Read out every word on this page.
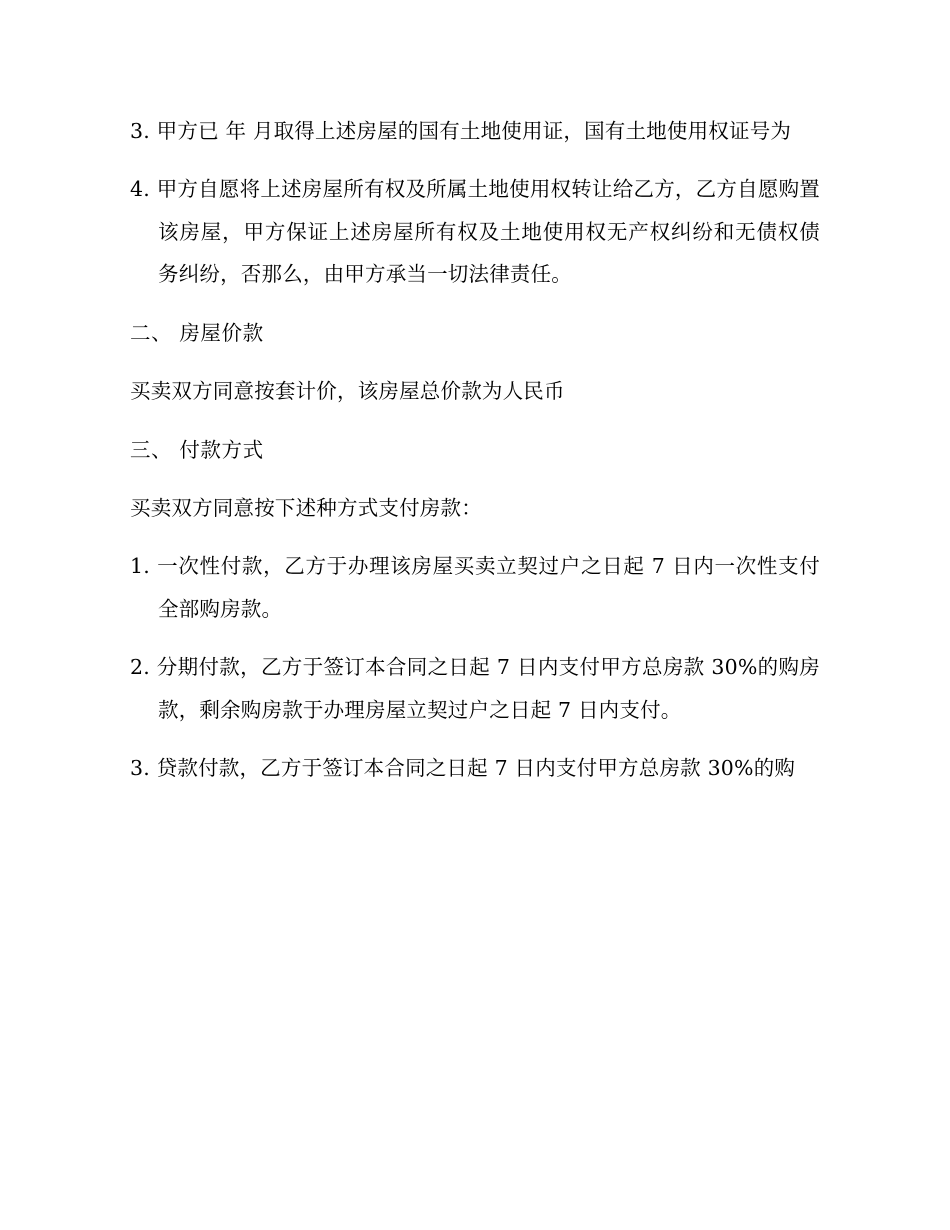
3. 甲方已 年 月取得上述房屋的国有土地使用证，国有土地使用权证号为

4. 甲方自愿将上述房屋所有权及所属土地使用权转让给乙方，乙方自愿购置该房屋，甲方保证上述房屋所有权及土地使用权无产权纠纷和无债权债务纠纷，否那么，由甲方承当一切法律责任。

二、 房屋价款

买卖双方同意按套计价，该房屋总价款为人民币

三、 付款方式

买卖双方同意按下述种方式支付房款：

1. 一次性付款，乙方于办理该房屋买卖立契过户之日起 7 日内一次性支付全部购房款。

2. 分期付款，乙方于签订本合同之日起 7 日内支付甲方总房款 30%的购房款，剩余购房款于办理房屋立契过户之日起 7 日内支付。

3. 贷款付款，乙方于签订本合同之日起 7 日内支付甲方总房款 30%的购
